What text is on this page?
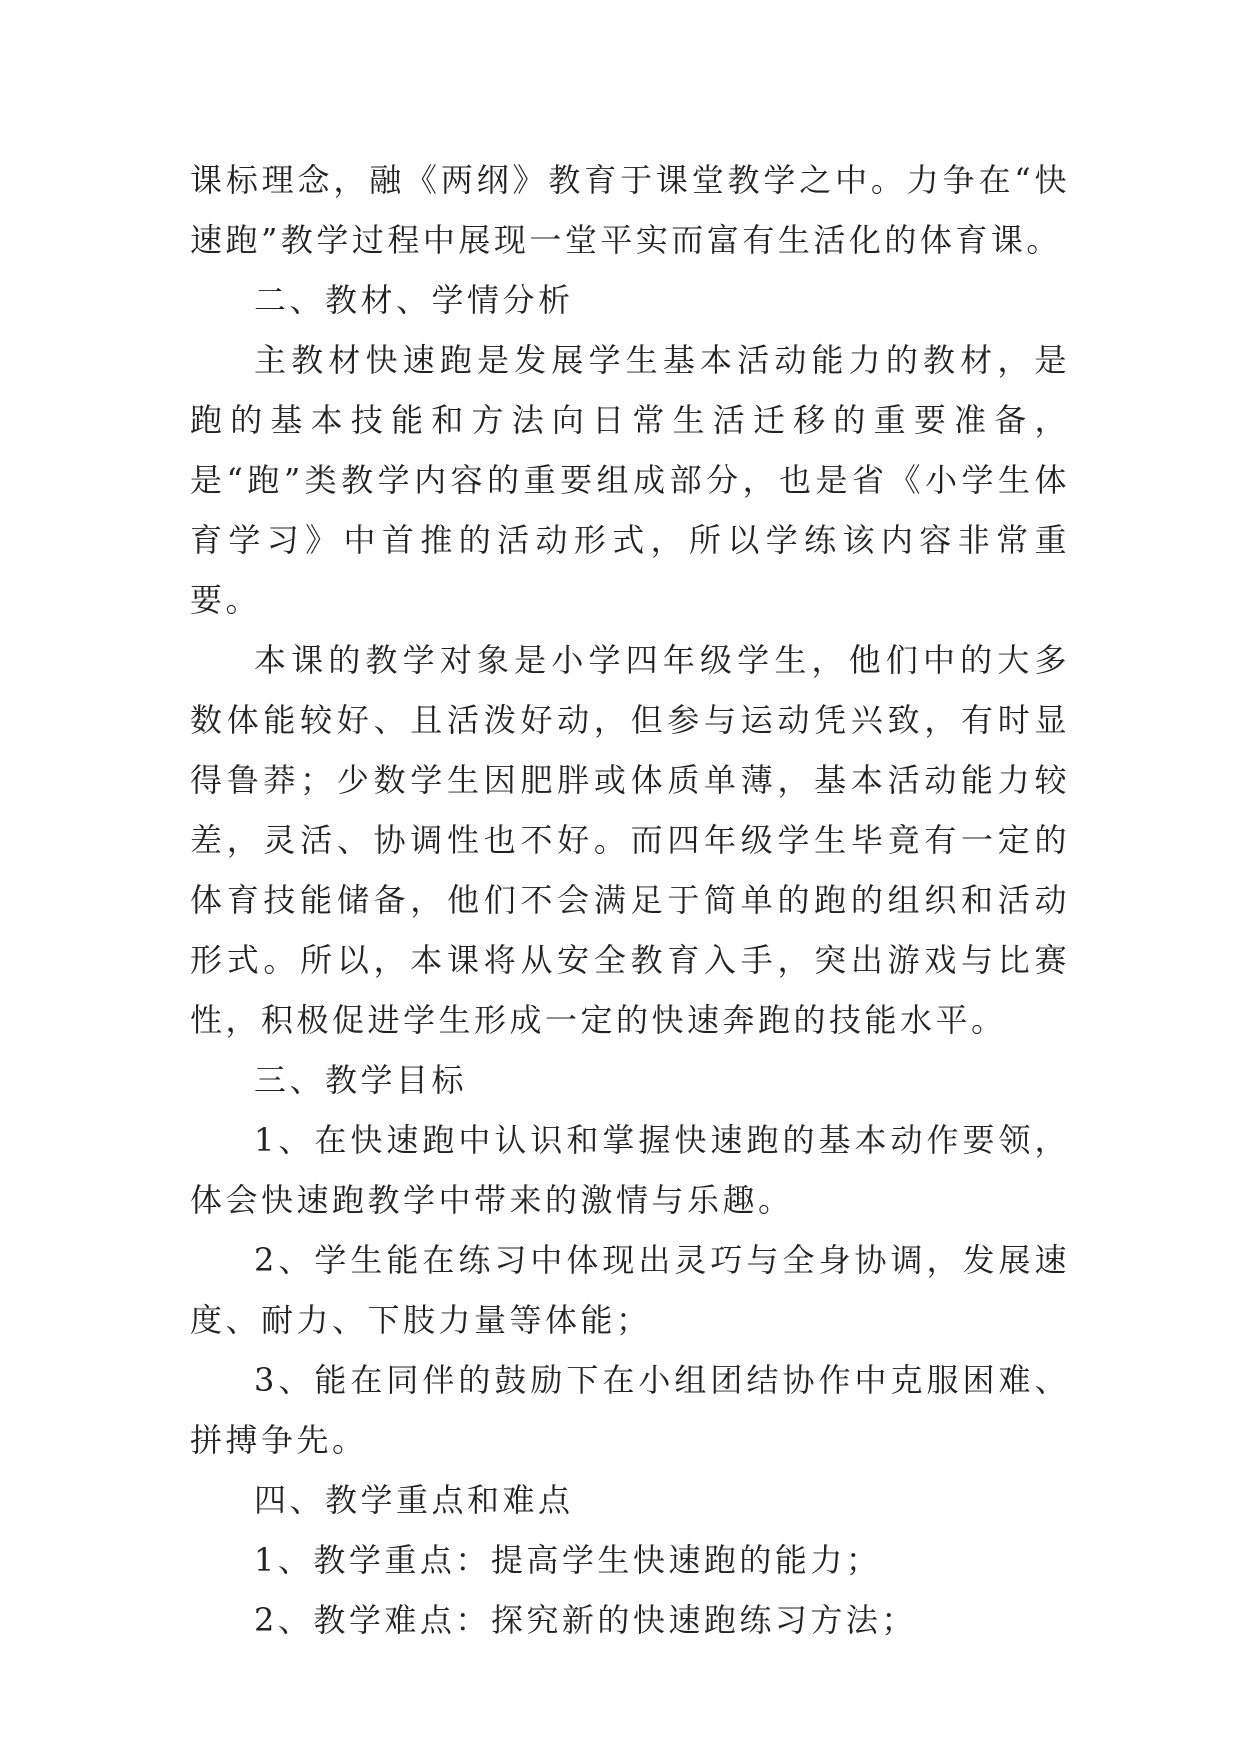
课标理念，融《两纲》教育于课堂教学之中。力争在“快速跑”教学过程中展现一堂平实而富有生活化的体育课。

二、教材、学情分析

主教材快速跑是发展学生基本活动能力的教材，是跑的基本技能和方法向日常生活迁移的重要准备，是“跑”类教学内容的重要组成部分，也是省《小学生体育学习》中首推的活动形式，所以学练该内容非常重要。

本课的教学对象是小学四年级学生，他们中的大多数体能较好、且活泼好动，但参与运动凭兴致，有时显得鲁莽；少数学生因肥胖或体质单薄，基本活动能力较差，灵活、协调性也不好。而四年级学生毕竟有一定的体育技能储备，他们不会满足于简单的跑的组织和活动形式。所以，本课将从安全教育入手，突出游戏与比赛性，积极促进学生形成一定的快速奔跑的技能水平。

三、教学目标

1、在快速跑中认识和掌握快速跑的基本动作要领，体会快速跑教学中带来的激情与乐趣。

2、学生能在练习中体现出灵巧与全身协调，发展速度、耐力、下肢力量等体能；

3、能在同伴的鼓励下在小组团结协作中克服困难、拼搏争先。

四、教学重点和难点

1、教学重点：提高学生快速跑的能力；

2、教学难点：探究新的快速跑练习方法；
